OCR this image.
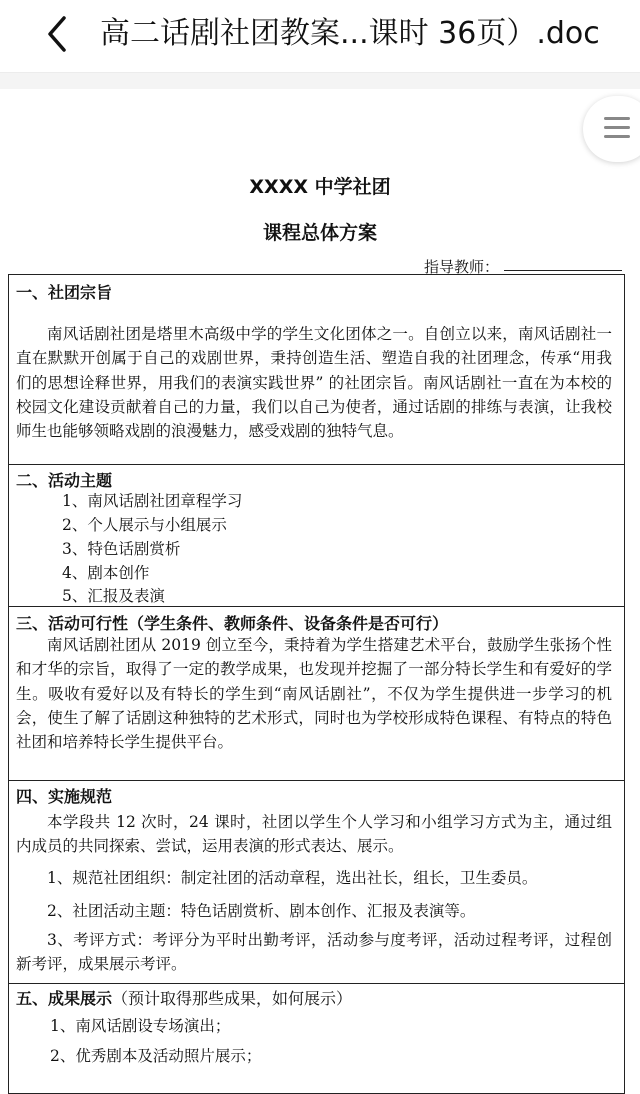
高二话剧社团教案...课时 36页）.doc
XXXX 中学社团
课程总体方案
指导教师：
一、社团宗旨
南风话剧社团是塔里木高级中学的学生文化团体之一。自创立以来，南风话剧社一直在默默开创属于自己的戏剧世界，秉持创造生活、塑造自我的社团理念，传承“用我们的思想诠释世界，用我们的表演实践世界” 的社团宗旨。南风话剧社一直在为本校的校园文化建设贡献着自己的力量，我们以自己为使者，通过话剧的排练与表演，让我校师生也能够领略戏剧的浪漫魅力，感受戏剧的独特气息。
二、活动主题
1、南风话剧社团章程学习
2、个人展示与小组展示
3、特色话剧赏析
4、剧本创作
5、汇报及表演
三、活动可行性（学生条件、教师条件、设备条件是否可行）
南风话剧社团从 2019 创立至今，秉持着为学生搭建艺术平台，鼓励学生张扬个性和才华的宗旨，取得了一定的教学成果，也发现并挖掘了一部分特长学生和有爱好的学生。吸收有爱好以及有特长的学生到“南风话剧社”，不仅为学生提供进一步学习的机会，使生了解了话剧这种独特的艺术形式，同时也为学校形成特色课程、有特点的特色社团和培养特长学生提供平台。
四、实施规范
本学段共 12 次时，24 课时，社团以学生个人学习和小组学习方式为主，通过组内成员的共同探索、尝试，运用表演的形式表达、展示。
1、规范社团组织：制定社团的活动章程，选出社长，组长，卫生委员。
2、社团活动主题：特色话剧赏析、剧本创作、汇报及表演等。
3、考评方式：考评分为平时出勤考评，活动参与度考评，活动过程考评，过程创新考评，成果展示考评。
五、成果展示（预计取得那些成果，如何展示）
1、南风话剧设专场演出；
2、优秀剧本及活动照片展示；
